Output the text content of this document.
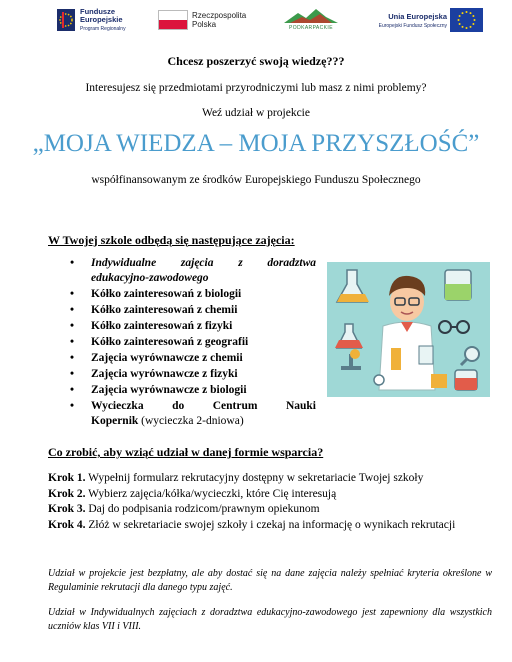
Fundusze
Europejskie
Program Regionalny
Rzeczpospolita
Polska	PODKARPACKIE
Unia Europejska
Europejski Fundusz Społeczny
Chcesz poszerzyć swoją wiedzę???
Interesujesz się przedmiotami przyrodniczymi lub masz z nimi problemy?
Weź udział w projekcie
„MOJA WIEDZA – MOJA PRZYSZŁOŚĆ”
współfinansowanym ze środków Europejskiego Funduszu Społecznego
W Twojej szkole odbędą się następujące zajęcia:
• Indywidualne zajęcia z doradztwa
edukacyjno-zawodowego
• Kółko zainteresowań z biologii
• Kółko zainteresowań z chemii
• Kółko zainteresowań z fizyki
• Kółko zainteresowań z geografii
• Zajęcia wyrównawcze z chemii
• Zajęcia wyrównawcze z fizyki
• Zajęcia wyrównawcze z biologii
• Wycieczka do Centrum Nauki
Kopernik (wycieczka 2-dniowa)
Co zrobić, aby wziąć udział w danej formie wsparcia?

Krok 1. Wypełnij formularz rekrutacyjny dostępny w sekretariacie Twojej szkoły

Krok 2. Wybierz zajęcia/kółka/wycieczki, które Cię interesują

Krok 3. Daj do podpisania rodzicom/prawnym opiekunom

Krok 4. Złóż w sekretariacie swojej szkoły i czekaj na informację o wynikach rekrutacji

Udział w projekcie jest bezpłatny, ale aby dostać się na dane zajęcia należy spełniać kryteria określone w Regulaminie rekrutacji dla danego typu zajęć.
Udział w Indywidualnych zajęciach z doradztwa edukacyjno-zawodowego jest zapewniony dla wszystkich uczniów klas VII i VIII.
